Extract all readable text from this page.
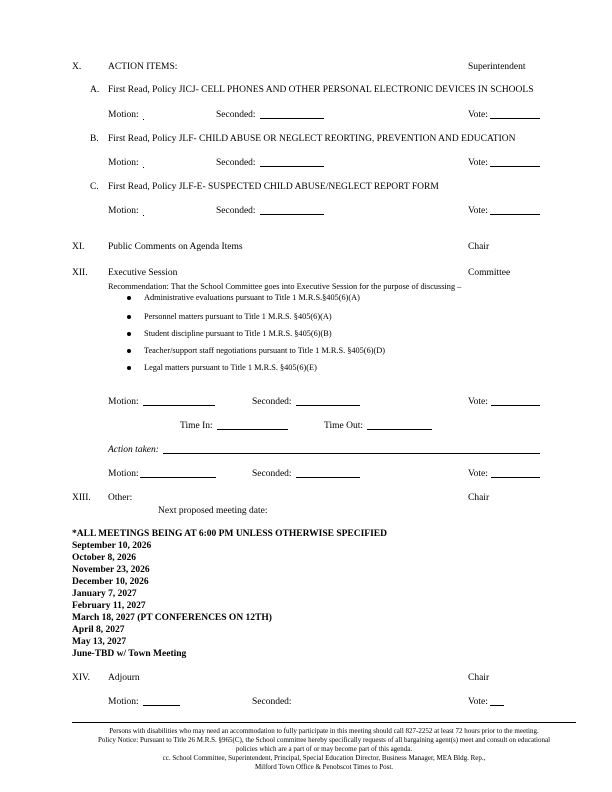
X.	ACTION ITEMS:	Superintendent
A. First Read, Policy JICJ- CELL PHONES AND OTHER PERSONAL ELECTRONIC DEVICES IN SCHOOLS
Motion:	Seconded:	Vote:
B. First Read, Policy JLF- CHILD ABUSE OR NEGLECT REORTING, PREVENTION AND EDUCATION
Motion:	Seconded:	Vote:
C. First Read, Policy JLF-E- SUSPECTED CHILD ABUSE/NEGLECT REPORT FORM
Motion:	Seconded:	Vote:
XI. Public Comments on Agenda Items	Chair
XII. Executive Session	Committee
Recommendation: That the School Committee goes into Executive Session for the purpose of discussing –
Administrative evaluations pursuant to Title 1 M.R.S.§405(6)(A)
Personnel matters pursuant to Title 1 M.R.S. §405(6)(A)
Student discipline pursuant to Title 1 M.R.S. §405(6)(B)
Teacher/support staff negotiations pursuant to Title 1 M.R.S. §405(6)(D)
Legal matters pursuant to Title 1 M.R.S. §405(6)(E)
Motion:	Seconded:	Vote:
Time In:	Time Out:
Action taken:
Motion:	Seconded:	Vote:
XIII. Other:	Chair
Next proposed meeting date:
*ALL MEETINGS BEING AT 6:00 PM UNLESS OTHERWISE SPECIFIED
September 10, 2026
October 8, 2026
November 23, 2026
December 10, 2026
January 7, 2027
February 11, 2027
March 18, 2027 (PT CONFERENCES ON 12TH)
April 8, 2027
May 13, 2027
June-TBD w/ Town Meeting
XIV. Adjourn	Chair
Motion:	Seconded:	Vote:
Persons with disabilities who may need an accommodation to fully participate in this meeting should call 827-2252 at least 72 hours prior to the meeting.
Policy Notice: Pursuant to Title 26 M.R.S. §965(C), the School committee hereby specifically requests of all bargaining agent(s) meet and consult on educational
policies which are a part of or may become part of this agenda.
cc. School Committee, Superintendent, Principal, Special Education Director, Business Manager, MEA Bldg. Rep.,
Milford Town Office & Penobscot Times to Post.
